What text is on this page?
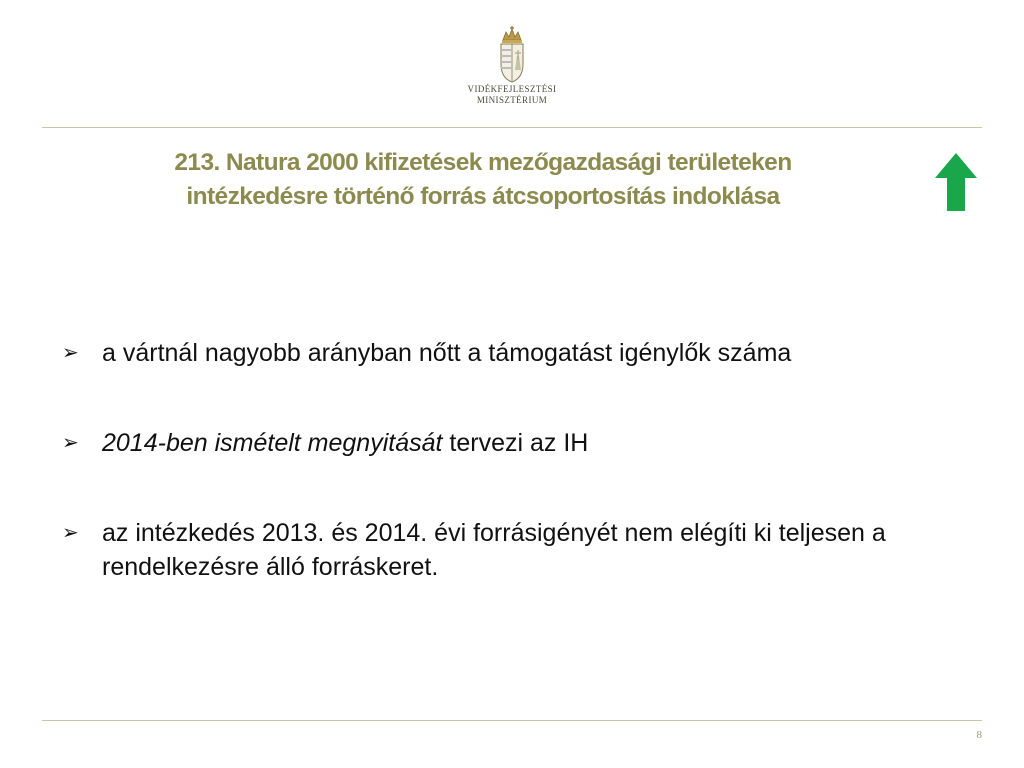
VIDÉKFEJLESZTÉSI
MINISZTÉRIUM
213. Natura 2000 kifizetések mezőgazdasági területeken
intézkedésre történő forrás átcsoportosítás indoklása
➢ a vártnál nagyobb arányban nőtt a támogatást igénylők száma
➢ 2014-ben ismételt megnyitását tervezi az IH
➢ az intézkedés 2013. és 2014. évi forrásigényét nem elégíti ki teljesen a rendelkezésre álló forráskeret.
8
